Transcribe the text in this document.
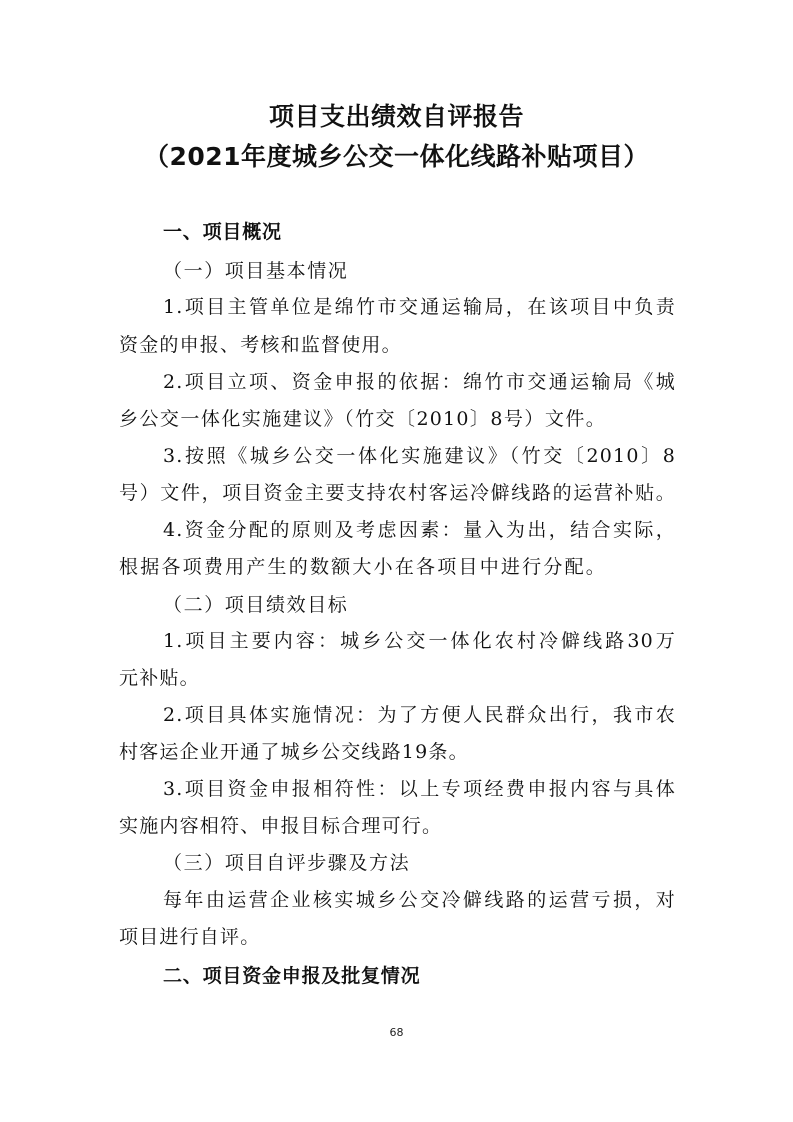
项目支出绩效自评报告
（2021年度城乡公交一体化线路补贴项目）
一、项目概况
（一）项目基本情况
1.项目主管单位是绵竹市交通运输局，在该项目中负责
资金的申报、考核和监督使用。
2.项目立项、资金申报的依据：绵竹市交通运输局《城
乡公交一体化实施建议》（竹交〔2010〕8号）文件。
3.按照《城乡公交一体化实施建议》（竹交〔2010〕8
号）文件，项目资金主要支持农村客运冷僻线路的运营补贴。
4.资金分配的原则及考虑因素：量入为出，结合实际，
根据各项费用产生的数额大小在各项目中进行分配。
（二）项目绩效目标
1.项目主要内容：城乡公交一体化农村冷僻线路30万
元补贴。
2.项目具体实施情况：为了方便人民群众出行，我市农
村客运企业开通了城乡公交线路19条。
3.项目资金申报相符性：以上专项经费申报内容与具体
实施内容相符、申报目标合理可行。
（三）项目自评步骤及方法
每年由运营企业核实城乡公交冷僻线路的运营亏损，对
项目进行自评。
二、项目资金申报及批复情况
68
